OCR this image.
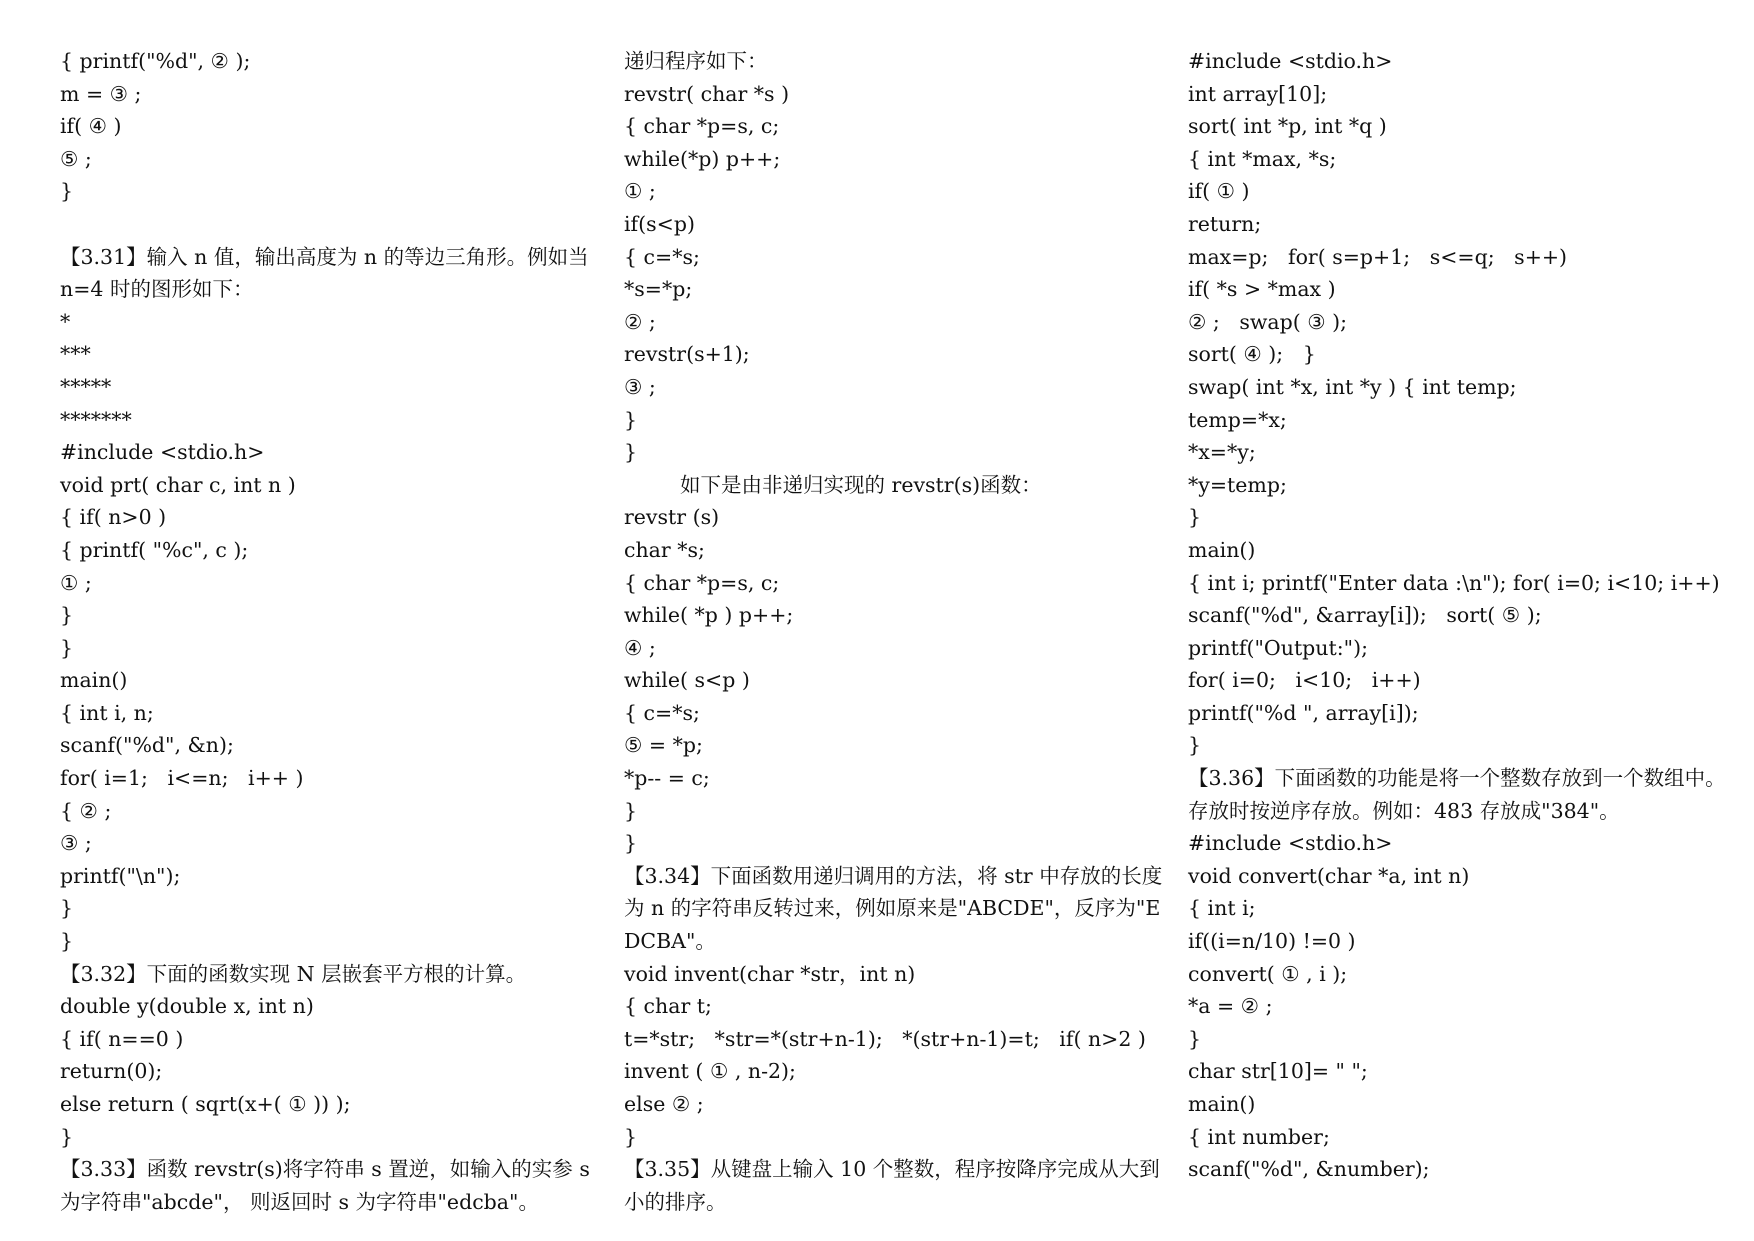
{ printf("%d", ② );
m = ③ ;
if( ④ )
⑤ ;
}
【3.31】输入 n 值，输出高度为 n 的等边三角形。例如当 n=4 时的图形如下：
*
***
*****
*******
#include <stdio.h>
void prt( char c, int n )
{ if( n>0 )
{ printf( "%c", c );
① ;
}
}
main()
{ int i, n;
scanf("%d", &n);
for( i=1;   i<=n;   i++ )
{ ② ;
③ ;
printf("\n");
}
}
【3.32】下面的函数实现 N 层嵌套平方根的计算。
double y(double x, int n)
{ if( n==0 )
return(0);
else return ( sqrt(x+( ① )) );
}
【3.33】函数 revstr(s)将字符串 s 置逆，如输入的实参 s 为字符串"abcde"， 则返回时 s 为字符串"edcba"。
递归程序如下：
revstr( char *s )
{ char *p=s, c;
while(*p) p++;
① ;
if(s<p)
{ c=*s;
*s=*p;
② ;
revstr(s+1);
③ ;
}
}
如下是由非递归实现的 revstr(s)函数：
revstr (s)
char *s;
{ char *p=s, c;
while( *p ) p++;
④ ;
while( s<p )
{ c=*s;
⑤ = *p;
*p-- = c;
}
}
【3.34】下面函数用递归调用的方法，将 str 中存放的长度为 n 的字符串反转过来，例如原来是"ABCDE"，反序为"EDCBA"。
void invent(char *str，int n)
{ char t;
t=*str;   *str=*(str+n-1);   *(str+n-1)=t;   if( n>2 )
invent ( ① , n-2);
else ② ;
}
【3.35】从键盘上输入 10 个整数，程序按降序完成从大到小的排序。
#include <stdio.h>
int array[10];
sort( int *p, int *q )
{ int *max, *s;
if( ① )
return;
max=p;   for( s=p+1;   s<=q;   s++)
if( *s > *max )
② ;   swap( ③ );
sort( ④ );   }
swap( int *x, int *y ) { int temp;
temp=*x;
*x=*y;
*y=temp;
}
main()
{ int i; printf("Enter data :\n"); for( i=0; i<10; i++)
scanf("%d", &array[i]);   sort( ⑤ );
printf("Output:");
for( i=0;   i<10;   i++)
printf("%d ", array[i]);
}
【3.36】下面函数的功能是将一个整数存放到一个数组中。存放时按逆序存放。例如：483 存放成"384"。
#include <stdio.h>
void convert(char *a, int n)
{ int i;
if((i=n/10) !=0 )
convert( ① , i );
*a = ② ;
}
char str[10]= " ";
main()
{ int number;
scanf("%d", &number);
